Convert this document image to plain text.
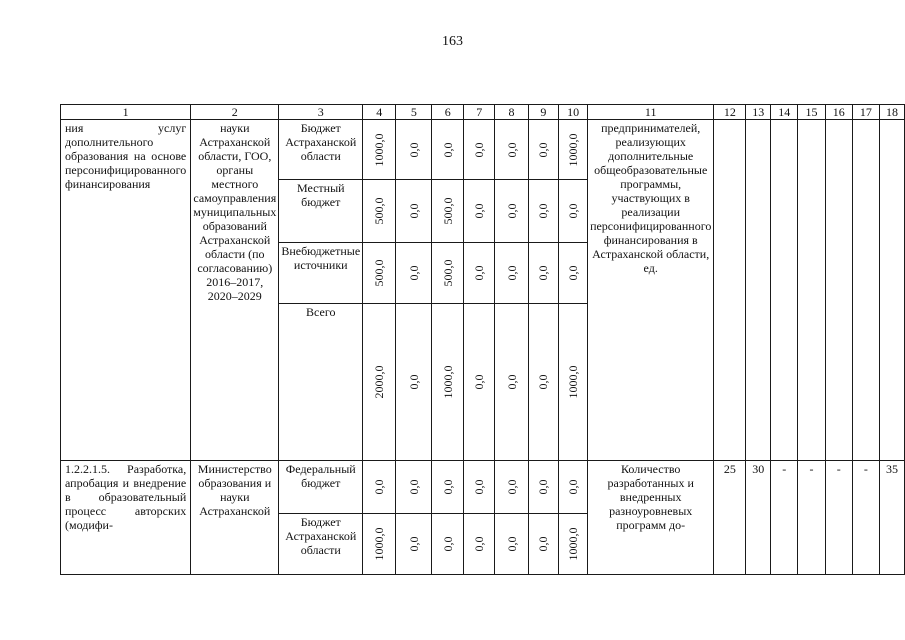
163
1	2	3	4	5	6	7	8	9	10	11	12	13	14	15	16	17	18
ния услуг дополнительного образования на основе персонифицированного финансирования	науки Астраханской области, ГОО, органы местного самоуправления муниципальных образований Астраханской области (по согласованию) 2016–2017, 2020–2029	Бюджет Астраханской области	1000,0	0,0	0,0	0,0	0,0	0,0	1000,0	предпринимателей, реализующих дополнительные общеобразовательные программы, участвующих в реализации персонифицированного финансирования в Астраханской области, ед.							
		Местный бюджет	500,0	0,0	500,0	0,0	0,0	0,0	0,0								

		Внебюджетные источники	500,0	0,0	500,0	0,0	0,0	0,0	0,0								

		Всего	2000,0	0,0	1000,0	0,0	0,0	0,0	1000,0								

1.2.2.1.5. Разработка, апробация и внедрение в образовательный процесс авторских (модифи-	Министерство образования и науки Астраханской	Федеральный бюджет	0,0	0,0	0,0	0,0	0,0	0,0	0,0	Количество разработанных и внедренных разноуровневых программ до-	25	30	-	-	-	-	35
		Бюджет Астраханской области	1000,0	0,0	0,0	0,0	0,0	0,0	1000,0								
